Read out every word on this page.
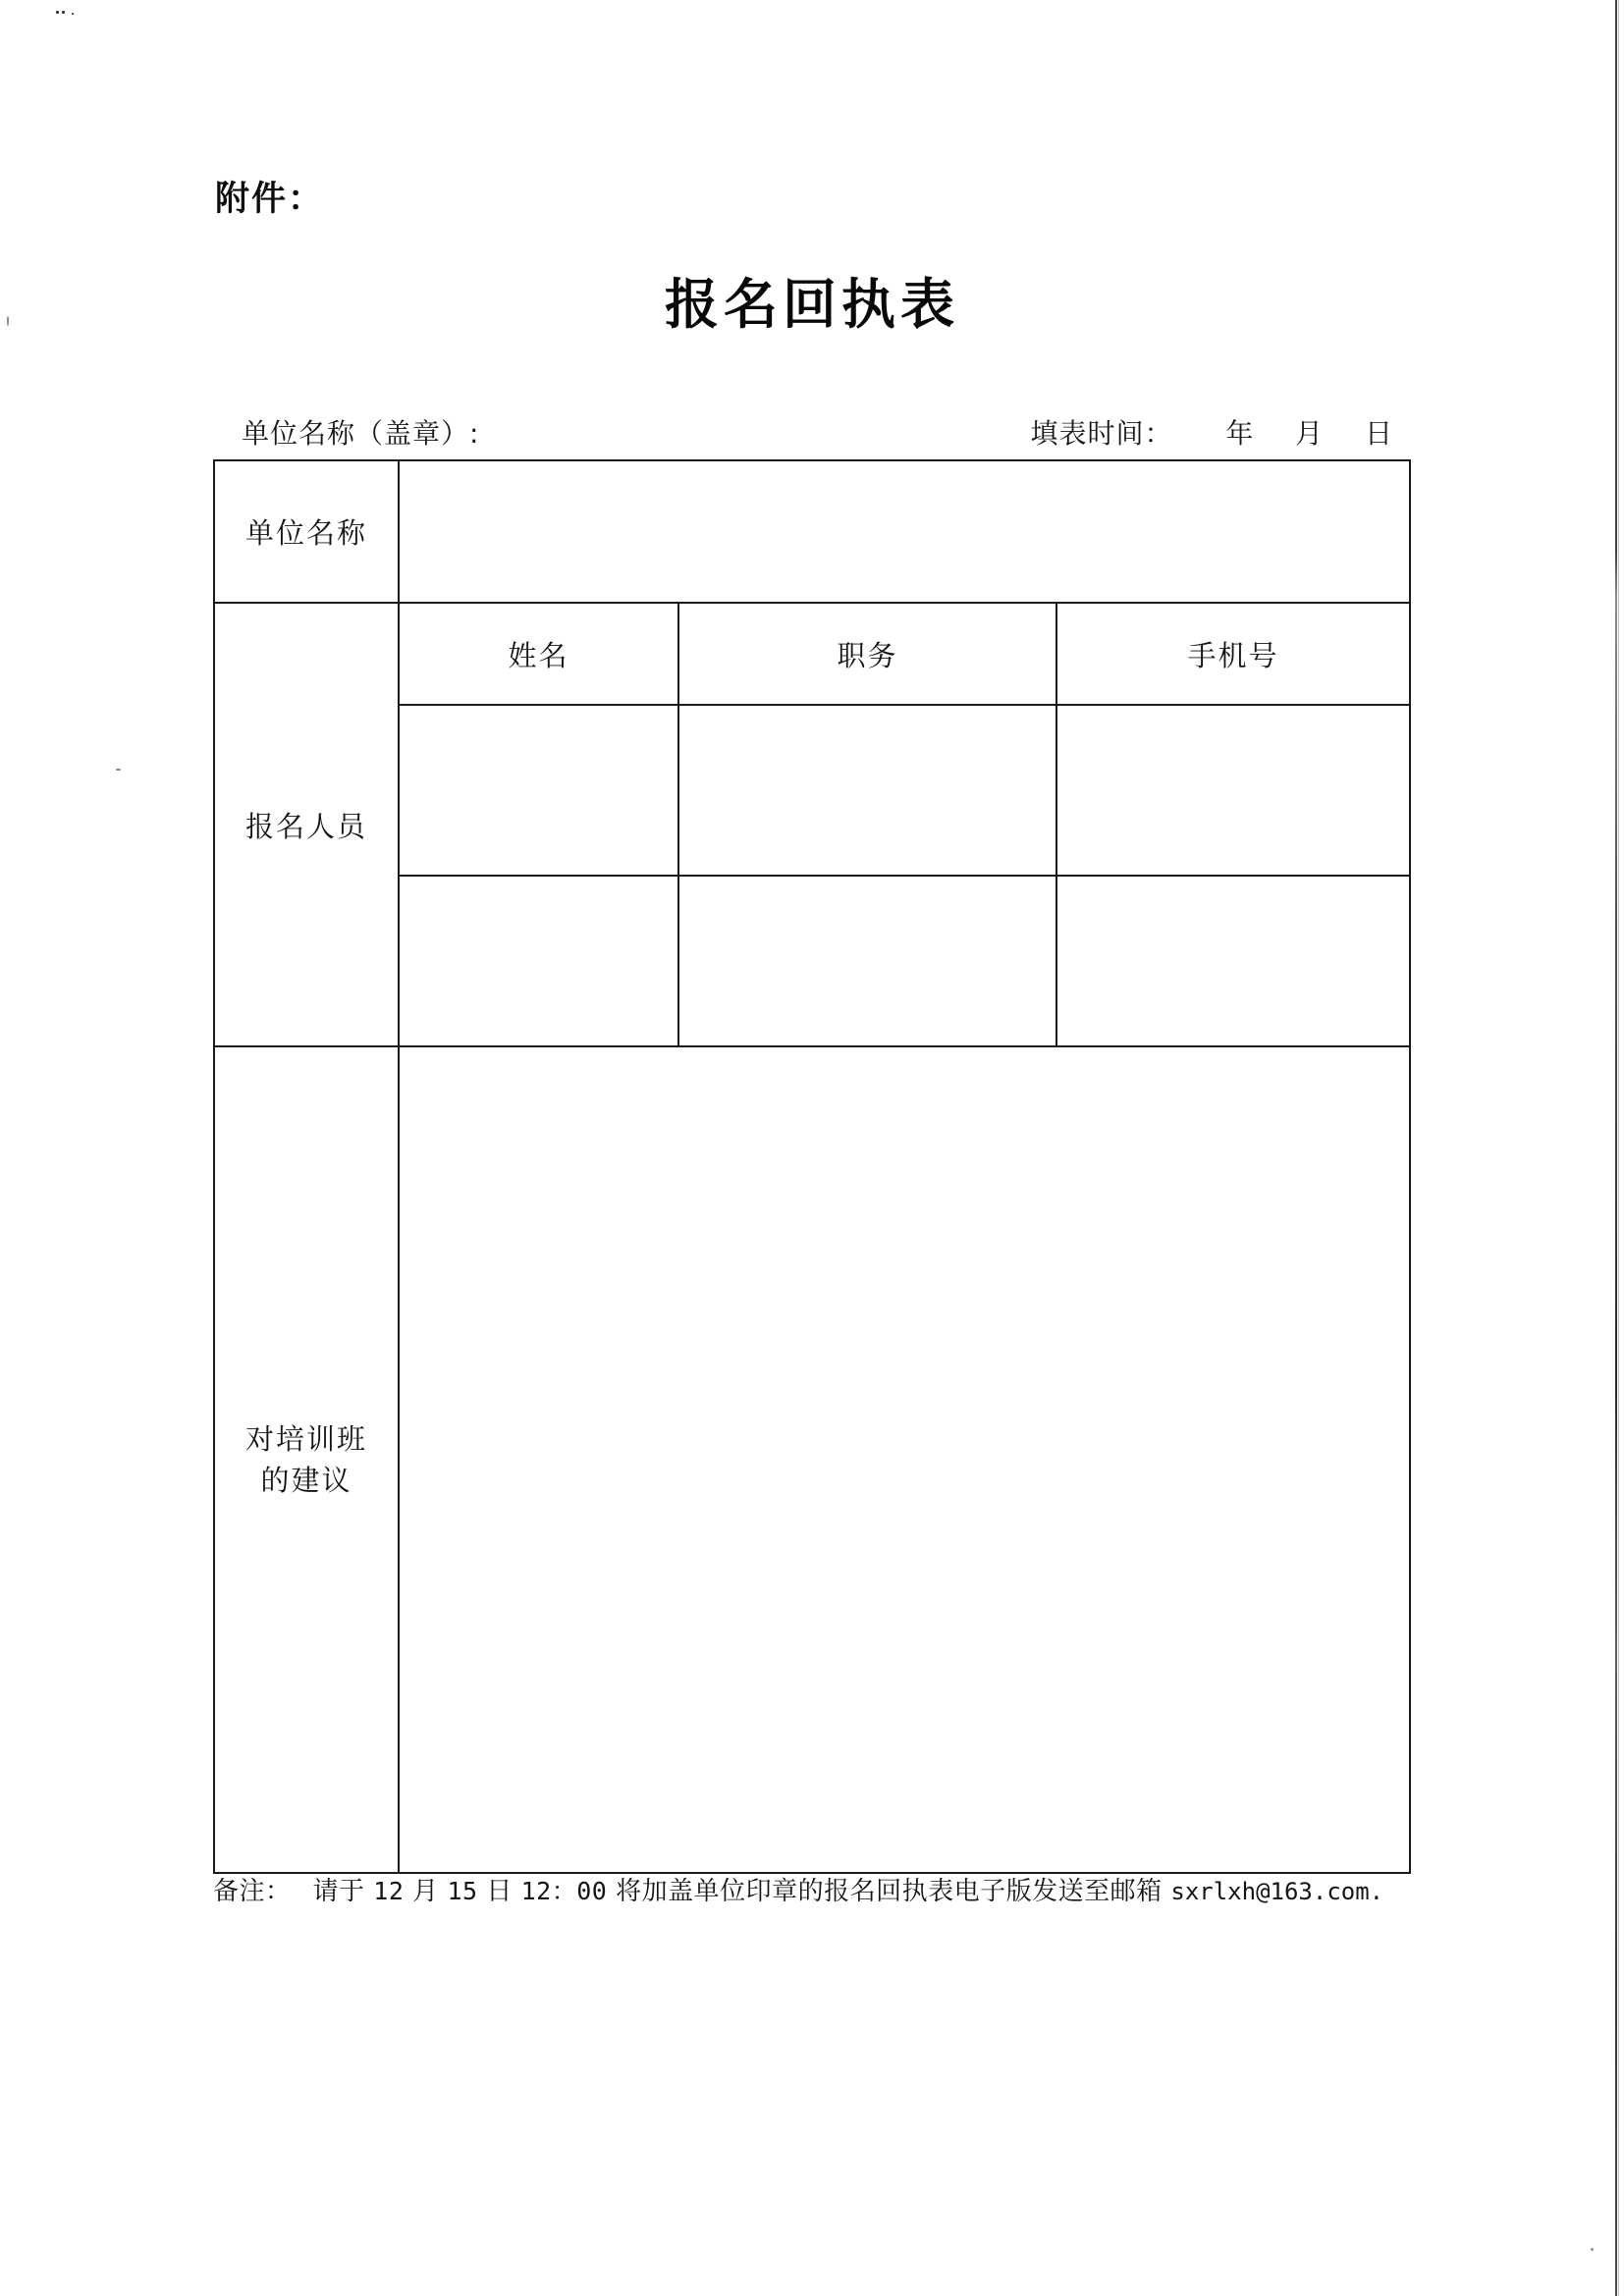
附件：
报名回执表
单位名称（盖章）:	填表时间： 年 月 日
单位名称			
报名人员	姓名	职务	手机号

对培训班
的建议			

备注： 请于 12 月 15 日 12：00 将加盖单位印章的报名回执表电子版发送至邮箱 sxrlxh@163.com.
